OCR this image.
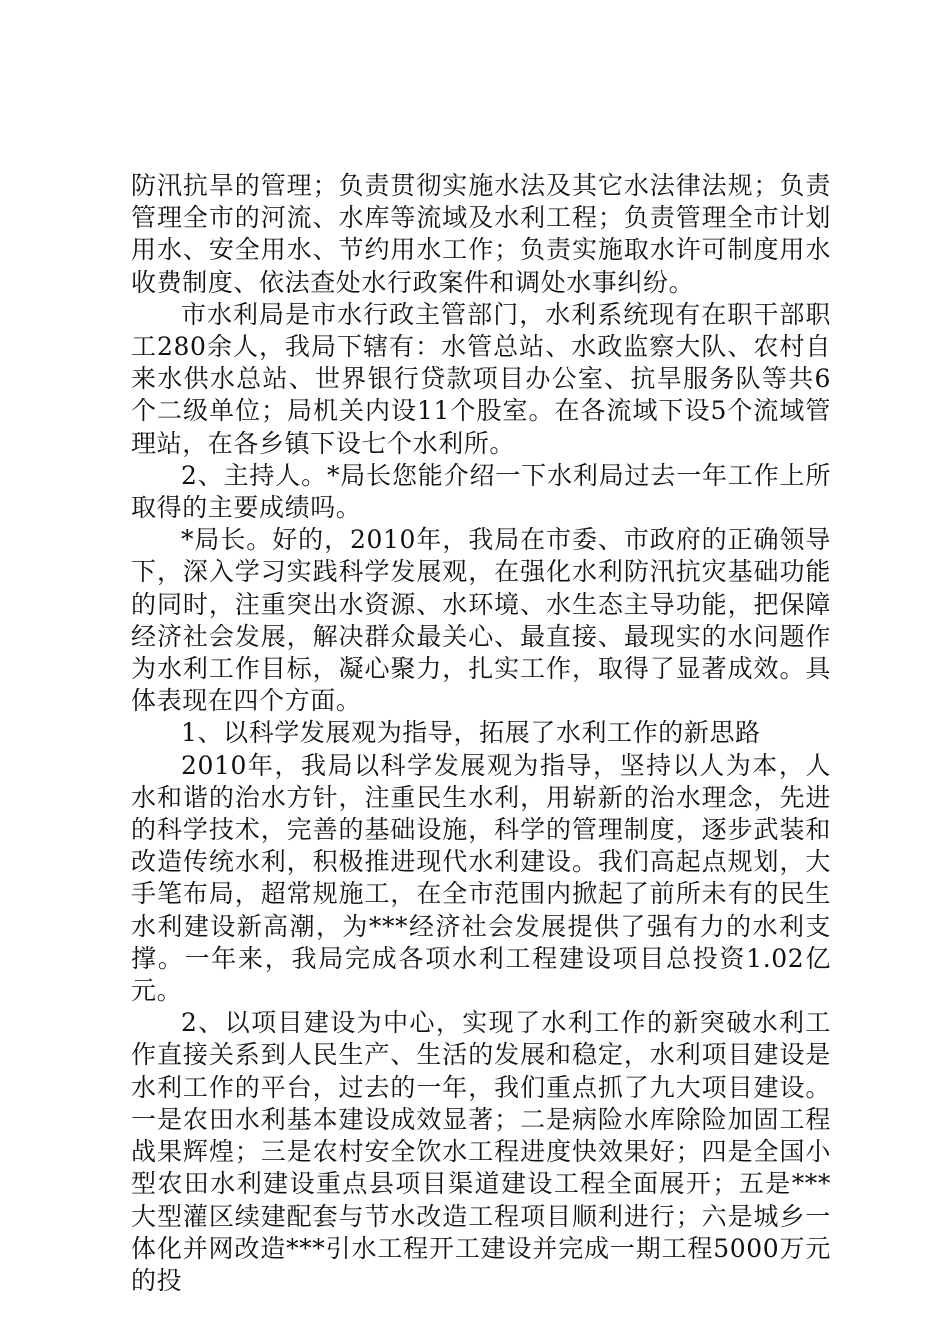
防汛抗旱的管理；负责贯彻实施水法及其它水法律法规；负责管理全市的河流、水库等流域及水利工程；负责管理全市计划用水、安全用水、节约用水工作；负责实施取水许可制度用水收费制度、依法查处水行政案件和调处水事纠纷。

市水利局是市水行政主管部门，水利系统现有在职干部职工280余人，我局下辖有：水管总站、水政监察大队、农村自来水供水总站、世界银行贷款项目办公室、抗旱服务队等共6个二级单位；局机关内设11个股室。在各流域下设5个流域管理站，在各乡镇下设七个水利所。

2、主持人。*局长您能介绍一下水利局过去一年工作上所取得的主要成绩吗。

*局长。好的，2010年，我局在市委、市政府的正确领导下，深入学习实践科学发展观，在强化水利防汛抗灾基础功能的同时，注重突出水资源、水环境、水生态主导功能，把保障经济社会发展，解决群众最关心、最直接、最现实的水问题作为水利工作目标，凝心聚力，扎实工作，取得了显著成效。具体表现在四个方面。

1、以科学发展观为指导，拓展了水利工作的新思路

2010年，我局以科学发展观为指导，坚持以人为本，人水和谐的治水方针，注重民生水利，用崭新的治水理念，先进的科学技术，完善的基础设施，科学的管理制度，逐步武装和改造传统水利，积极推进现代水利建设。我们高起点规划，大手笔布局，超常规施工，在全市范围内掀起了前所未有的民生水利建设新高潮，为***经济社会发展提供了强有力的水利支撑。一年来，我局完成各项水利工程建设项目总投资1.02亿元。

2、以项目建设为中心，实现了水利工作的新突破水利工作直接关系到人民生产、生活的发展和稳定，水利项目建设是水利工作的平台，过去的一年，我们重点抓了九大项目建设。一是农田水利基本建设成效显著；二是病险水库除险加固工程战果辉煌；三是农村安全饮水工程进度快效果好；四是全国小型农田水利建设重点县项目渠道建设工程全面展开；五是***大型灌区续建配套与节水改造工程项目顺利进行；六是城乡一体化并网改造***引水工程开工建设并完成一期工程5000万元的投
